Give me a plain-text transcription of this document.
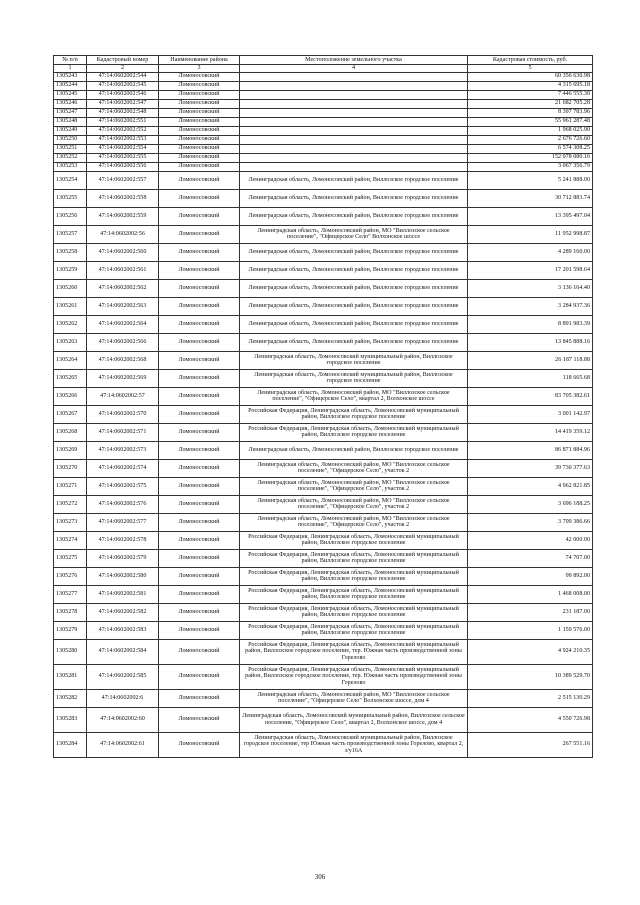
№ п/п	Кадастровый номер	Наименование района	Местоположение земельного участка	Кадастровая стоимость, руб.
1	2	3	4	5
1305243	47:14:0602002:544	Ломоносовский		60 356 630.98
1305244	47:14:0602002:545	Ломоносовский		4 315 695.18
1305245	47:14:0602002:546	Ломоносовский		7 446 555.30
1305246	47:14:0602002:547	Ломоносовский		21 682 705.28
1305247	47:14:0602002:548	Ломоносовский		8 397 783.96
1305248	47:14:0602002:551	Ломоносовский		55 961 287.48
1305249	47:14:0602002:552	Ломоносовский		1 968 025.90
1305250	47:14:0602002:553	Ломоносовский		2 676 726.60
1305251	47:14:0602002:554	Ломоносовский		6 574 308.25
1305252	47:14:0602002:555	Ломоносовский		152 978 080.16
1305253	47:14:0602002:556	Ломоносовский		3 067 356.79
1305254	47:14:0602002:557	Ломоносовский	Ленинградская область, Ломоносовский район, Виллозское городское поселение	5 241 888.00
1305255	47:14:0602002:558	Ломоносовский	Ленинградская область, Ломоносовский район, Виллозское городское поселение	30 712 883.74
1305256	47:14:0602002:559	Ломоносовский	Ленинградская область, Ломоносовский район, Виллозское городское поселение	13 395 497.04
1305257	47:14:0602002:56	Ломоносовский	Ленинградская область, Ломоносовский район, МО "Виллозское сельское поселение", "Офицерское Село" Волхонское шоссе	11 952 998.87
1305258	47:14:0602002:560	Ломоносовский	Ленинградская область, Ломоносовский район, Виллозское городское поселение	4 289 160.00
1305259	47:14:0602002:561	Ломоносовский	Ленинградская область, Ломоносовский район, Виллозское городское поселение	17 201 598.64
1305260	47:14:0602002:562	Ломоносовский	Ленинградская область, Ломоносовский район, Виллозское городское поселение	3 136 164.40
1305261	47:14:0602002:563	Ломоносовский	Ленинградская область, Ломоносовский район, Виллозское городское поселение	3 284 937.36
1305262	47:14:0602002:564	Ломоносовский	Ленинградская область, Ломоносовский район, Виллозское городское поселение	8 891 983.39
1305263	47:14:0602002:566	Ломоносовский	Ленинградская область, Ломоносовский район, Виллозское городское поселение	13 845 888.16
1305264	47:14:0602002:568	Ломоносовский	Ленинградская область, Ломоносовский муниципальный район, Виллозское городское поселение	26 187 118.88
1305265	47:14:0602002:569	Ломоносовский	Ленинградская область, Ломоносовский муниципальный район, Виллозское городское поселение	118 665.68
1305266	47:14:0602002:57	Ломоносовский	Ленинградская область, Ломоносовский район, МО "Виллозское сельское поселение", "Офицерское Село", квартал 2, Волхонское шоссе	83 705 382.61
1305267	47:14:0602002:570	Ломоносовский	Российская Федерация, Ленинградская область, Ломоносовский муниципальный район, Виллозское городское поселение	3 001 142.97
1305268	47:14:0602002:571	Ломоносовский	Российская Федерация, Ленинградская область, Ломоносовский муниципальный район, Виллозское городское поселение	14 419 359.12
1305269	47:14:0602002:573	Ломоносовский	Ленинградская область, Ломоносовский район, Виллозское городское поселение	86 871 884.96
1305270	47:14:0602002:574	Ломоносовский	Ленинградская область, Ломоносовский район, МО "Виллозское сельское поселение", "Офицерское Село", участок 2	39 730 377.63
1305271	47:14:0602002:575	Ломоносовский	Ленинградская область, Ломоносовский район, МО "Виллозское сельское поселение", "Офицерское Село", участок 2	4 962 821.85
1305272	47:14:0602002:576	Ломоносовский	Ленинградская область, Ломоносовский район, МО "Виллозское сельское поселение", "Офицерское Село", участок 2	3 696 188.25
1305273	47:14:0602002:577	Ломоносовский	Ленинградская область, Ломоносовский район, МО "Виллозское сельское поселение", "Офицерское Село", участок 2	3 709 386.66
1305274	47:14:0602002:578	Ломоносовский	Российская Федерация, Ленинградская область, Ломоносовский муниципальный район, Виллозское городское поселение	42 000.00
1305275	47:14:0602002:579	Ломоносовский	Российская Федерация, Ленинградская область, Ломоносовский муниципальный район, Виллозское городское поселение	74 707.00
1305276	47:14:0602002:580	Ломоносовский	Российская Федерация, Ленинградская область, Ломоносовский муниципальный район, Виллозское городское поселение	99 892.00
1305277	47:14:0602002:581	Ломоносовский	Российская Федерация, Ленинградская область, Ломоносовский муниципальный район, Виллозское городское поселение	1 468 008.00
1305278	47:14:0602002:582	Ломоносовский	Российская Федерация, Ленинградская область, Ломоносовский муниципальный район, Виллозское городское поселение	231 187.00
1305279	47:14:0602002:583	Ломоносовский	Российская Федерация, Ленинградская область, Ломоносовский муниципальный район, Виллозское городское поселение	1 159 576.00
1305280	47:14:0602002:584	Ломоносовский	Российская Федерация, Ленинградская область, Ломоносовский муниципальный район, Виллозское городское поселение, тер. Южная часть производственной зоны Горелово	4 924 210.35
1305281	47:14:0602002:585	Ломоносовский	Российская Федерация, Ленинградская область, Ломоносовский муниципальный район, Виллозское городское поселение, тер. Южная часть производственной зоны Горелово	10 389 529.70
1305282	47:14:0602002:6	Ломоносовский	Ленинградская область, Ломоносовский район, МО "Виллозское сельское поселение", "Офицерское Село" Волхонское шоссе, дом 4	2 515 130.29
1305283	47:14:0602002:60	Ломоносовский	Ленинградская область, Ломоносовский муниципальный район, Виллозское сельское поселение, "Офицерское Село", квартал 2, Волхонское шоссе, дом 4	4 550 726.98
1305284	47:14:0602002:61	Ломоносовский	Ленинградская область, Ломоносовский муниципальный район, Виллозское городское поселение, тер Южная часть производственной зоны Горелово, квартал 2, з/у16А	267 551.16
306
